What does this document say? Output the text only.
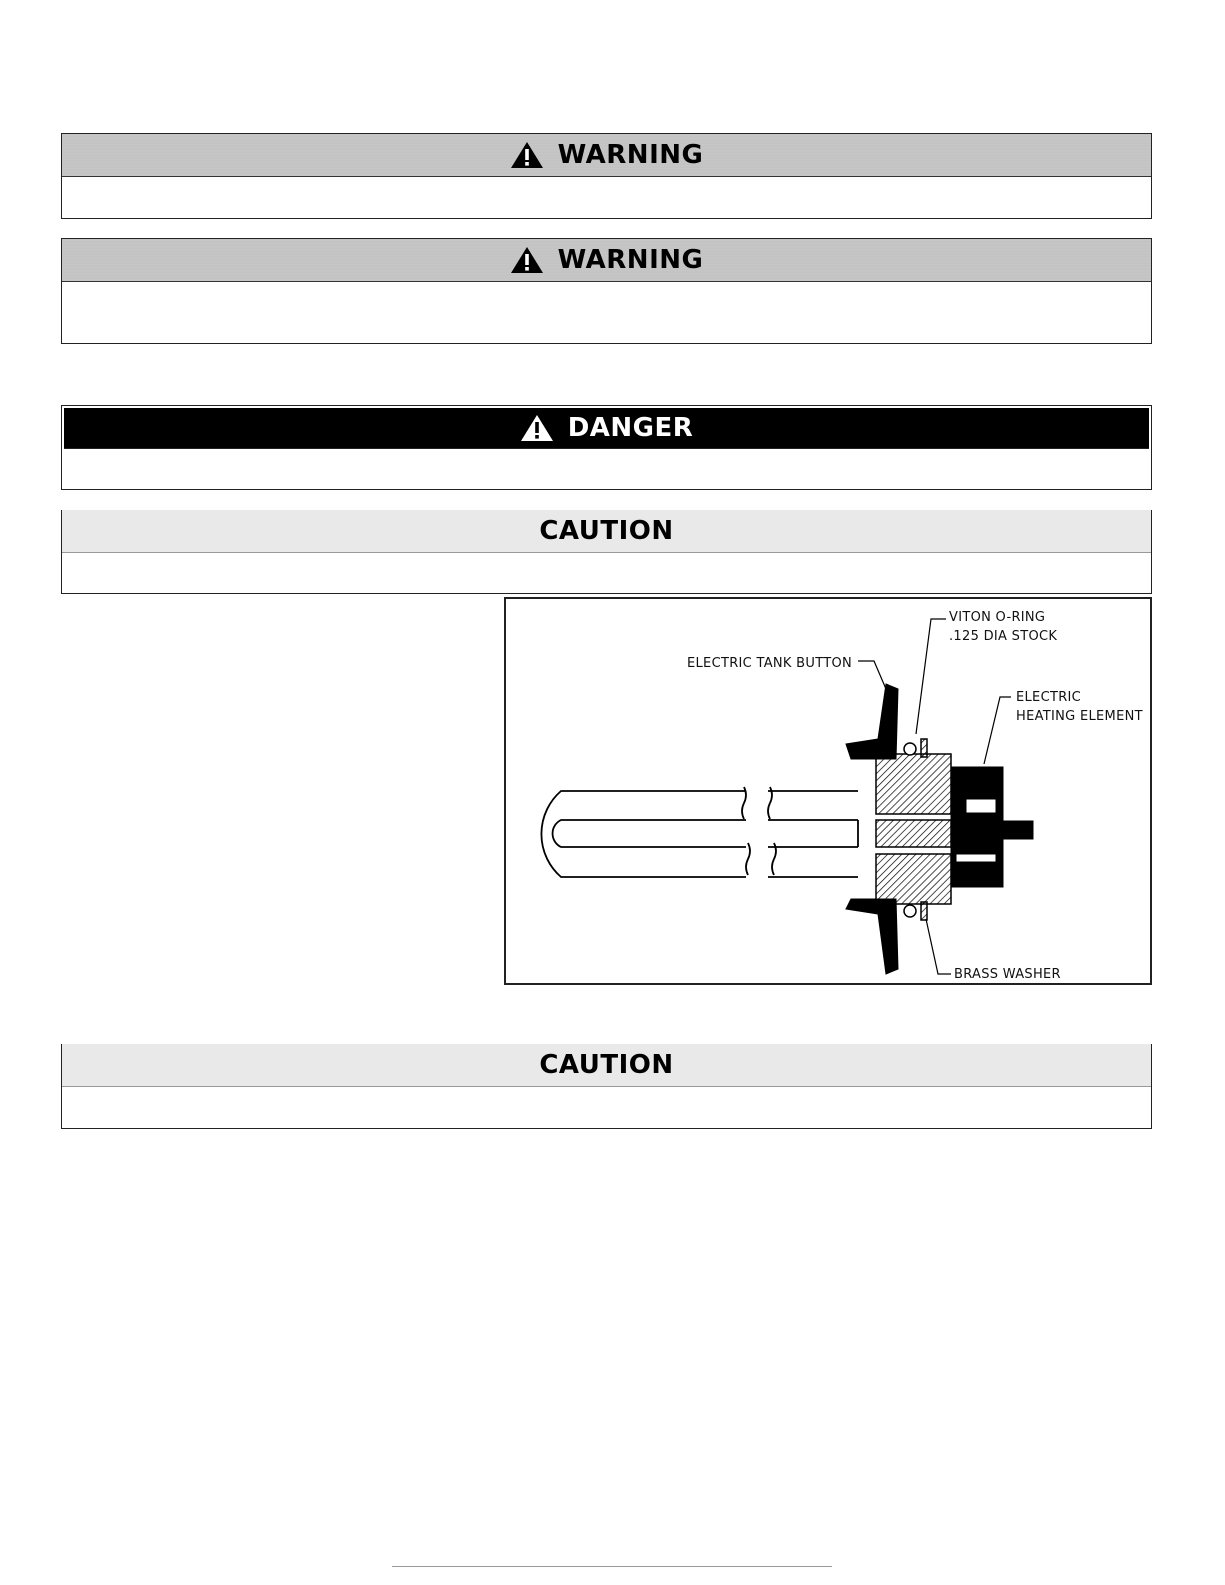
WARNING
WARNING
DANGER
CAUTION
VITON O-RING
.125 DIA STOCK
ELECTRIC TANK BUTTON
ELECTRIC
HEATING ELEMENT
BRASS WASHER
CAUTION
